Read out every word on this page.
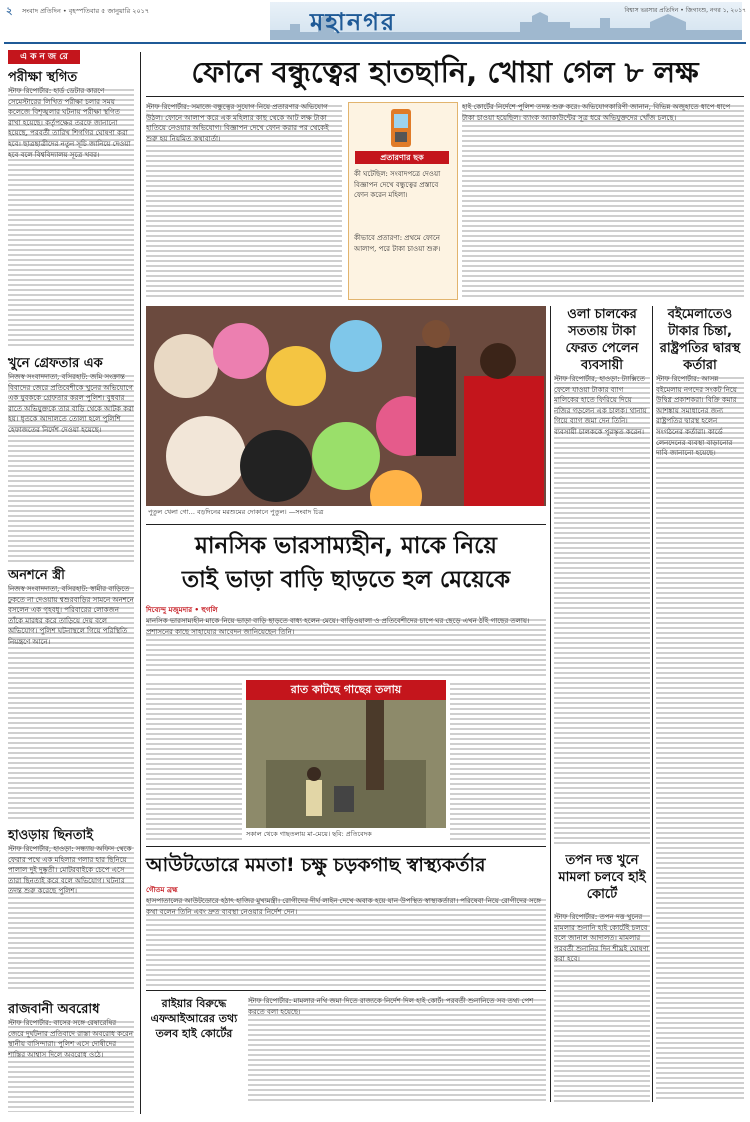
২ সংবাদ প্রতিদিন • বৃহস্পতিবার ৫ জানুয়ারি ২০১৭	মহানগর	বিশ্বাস ভরসার প্রতিদিন • জিগাংশু, নগর ১, ২০১৭
এ ক ন জ রে
পরীক্ষা স্থগিত
স্টাফ রিপোর্টার: হার্ড ডেটার কারণে সেমেস্টারের লিখিত পরীক্ষা চলার সময় কলেজে বিশৃঙ্খলার ঘটনায় পরীক্ষা স্থগিত রাখা হয়েছে। কর্তৃপক্ষের তরফে জানানো হয়েছে, পরবর্তী তারিখ শিগগির ঘোষণা করা হবে। ছাত্রছাত্রীদের নতুন সূচি জানিয়ে দেওয়া হবে বলে বিশ্ববিদ্যালয় সূত্রে খবর।
খুনে গ্রেফতার এক
নিজস্ব সংবাদদাতা, বসিরহাট: জমি সংক্রান্ত বিবাদের জেরে প্রতিবেশীকে খুনের অভিযোগে এক যুবককে গ্রেফতার করল পুলিশ। বুধবার রাতে অভিযুক্তকে তার বাড়ি থেকে আটক করা হয়। ধৃতকে আদালতে তোলা হলে পুলিশি হেফাজতের নির্দেশ দেওয়া হয়েছে।
অনশনে স্ত্রী
নিজস্ব সংবাদদাতা, বসিরহাট: স্বামীর বাড়িতে ঢুকতে না দেওয়ায় শ্বশুরবাড়ির সামনে অনশনে বসলেন এক গৃহবধূ। পরিবারের লোকজন তাঁকে মারধর করে তাড়িয়ে দেয় বলে অভিযোগ। পুলিশ ঘটনাস্থলে গিয়ে পরিস্থিতি নিয়ন্ত্রণে আনে।
হাওড়ায় ছিনতাই
স্টাফ রিপোর্টার, হাওড়া: সন্ধ্যায় অফিস থেকে ফেরার পথে এক মহিলার গলার হার ছিনিয়ে পালাল দুই দুষ্কৃতী। মোটরবাইকে চেপে এসে তারা ছিনতাই করে বলে অভিযোগ। ঘটনার তদন্ত শুরু করেছে পুলিশ।
রাজবানী অবরোধ
স্টাফ রিপোর্টার: বাসের সঙ্গে রেষারেষির জেরে দুর্ঘটনার প্রতিবাদে রাস্তা অবরোধ করেন স্থানীয় বাসিন্দারা। পুলিশ এসে দোষীদের শাস্তির আশ্বাস দিলে অবরোধ ওঠে।
ফোনে বন্ধুত্বের হাতছানি, খোয়া গেল ৮ লক্ষ
স্টাফ রিপোর্টার: সমাজে বন্ধুত্বের সুযোগ নিয়ে প্রতারণার অভিযোগ উঠল। ফোনে আলাপ করে এক মহিলার কাছ থেকে আট লক্ষ টাকা হাতিয়ে নেওয়ার অভিযোগ। বিজ্ঞাপন দেখে ফোন করার পর থেকেই শুরু হয় নিয়মিত কথাবার্তা।
প্রতারণার ছক
কী ঘটেছিল: সংবাদপত্রে দেওয়া বিজ্ঞাপন দেখে বন্ধুত্বের প্রস্তাবে ফোন করেন মহিলা।
কীভাবে প্রতারণা: প্রথমে ফোনে আলাপ, পরে টাকা চাওয়া শুরু।
হাই কোর্টের নির্দেশে পুলিশ তদন্ত শুরু করে। অভিযোগকারিণী জানান, বিভিন্ন অজুহাতে ধাপে ধাপে টাকা চাওয়া হয়েছিল। ব্যাংক অ্যাকাউন্টের সূত্র ধরে অভিযুক্তদের খোঁজ চলছে।
পুতুল খেলা গো... বড়দিনের মরশুমের দোকানে পুতুল। —সংবাদ চিত্র
ওলা চালকের সততায় টাকা ফেরত পেলেন ব্যবসায়ী
স্টাফ রিপোর্টার, হাওড়া: ট্যাক্সিতে ফেলে যাওয়া টাকার ব্যাগ মালিকের হাতে ফিরিয়ে দিয়ে নজির গড়লেন এক চালক। থানায় গিয়ে ব্যাগ জমা দেন তিনি। ব্যবসায়ী চালককে পুরস্কৃত করেন।
বইমেলাতেও টাকার চিন্তা, রাষ্ট্রপতির দ্বারস্থ কর্তারা
স্টাফ রিপোর্টার: আসন্ন বইমেলায় নগদের সংকট নিয়ে উদ্বিগ্ন প্রকাশকরা। বিক্রি কমার আশঙ্কায় সমাধানের জন্য রাষ্ট্রপতির দ্বারস্থ হলেন সংগঠনের কর্তারা। কার্ডে লেনদেনের ব্যবস্থা বাড়ানোর দাবি জানানো হয়েছে।
তপন দত্ত খুনে মামলা চলবে হাই কোর্টে
স্টাফ রিপোর্টার: তপন দত্ত খুনের মামলার শুনানি হাই কোর্টেই চলবে বলে জানাল আদালত। মামলার পরবর্তী শুনানির দিন শীঘ্রই ঘোষণা করা হবে।
মানসিক ভারসাম্যহীন, মাকে নিয়ে
তাই ভাড়া বাড়ি ছাড়তে হল মেয়েকে
দিব্যেন্দু মজুমদার • হুগলি
মানসিক ভারসাম্যহীন মাকে নিয়ে ভাড়া বাড়ি ছাড়তে বাধ্য হলেন মেয়ে। বাড়িওয়ালা ও প্রতিবেশীদের চাপে ঘর ছেড়ে এখন ঠাঁই গাছের তলায়। প্রশাসনের কাছে সাহায্যের আবেদন জানিয়েছেন তিনি।
রাত কাটছে গাছের তলায়
সকাল থেকে গাছতলায় মা-মেয়ে। ছবি: প্রতিবেদক
আউটডোরে মমতা! চক্ষু চড়কগাছ স্বাস্থ্যকর্তার
গৌতম ব্রহ্ম
হাসপাতালের আউটডোরে হঠাৎ হাজির মুখ্যমন্ত্রী। রোগীদের দীর্ঘ লাইন দেখে অবাক হয়ে যান উপস্থিত স্বাস্থ্যকর্তারা। পরিষেবা নিয়ে রোগীদের সঙ্গে কথা বলেন তিনি এবং দ্রুত ব্যবস্থা নেওয়ার নির্দেশ দেন।
রাইয়ার বিরুদ্ধে এফআইআরের তথ্য তলব হাই কোর্টের
স্টাফ রিপোর্টার: মামলার নথি জমা দিতে রাজ্যকে নির্দেশ দিল হাই কোর্ট। পরবর্তী শুনানিতে সব তথ্য পেশ করতে বলা হয়েছে।
